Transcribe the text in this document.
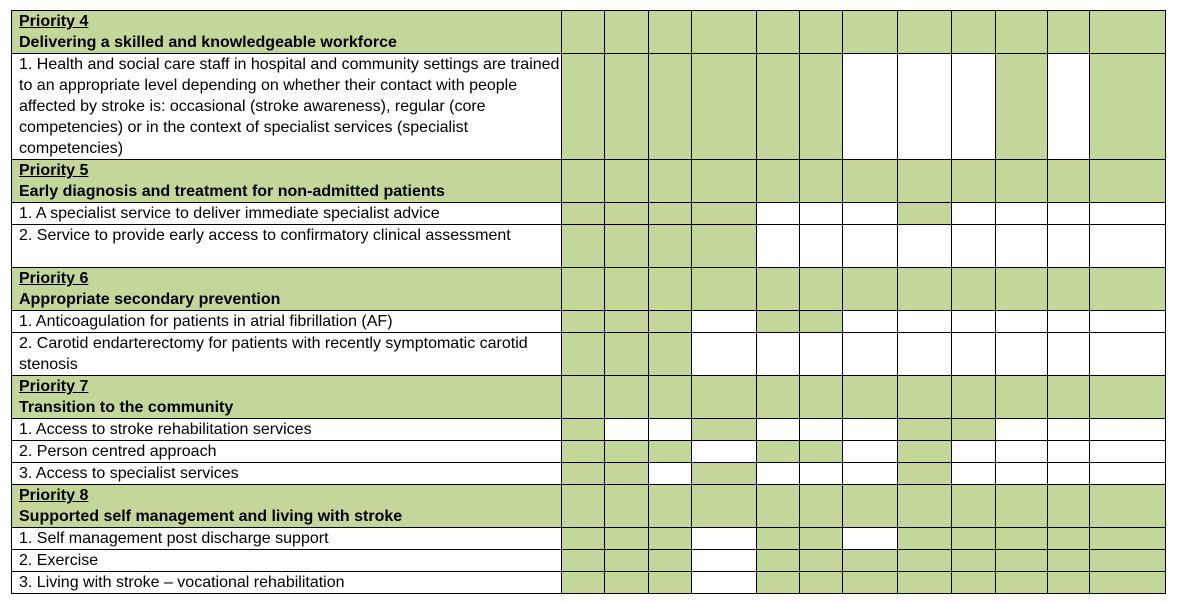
Priority 4
Delivering a skilled and knowledgeable workforce												

1. Health and social care staff in hospital and community settings are trained to an appropriate level depending on whether their contact with people affected by stroke is: occasional (stroke awareness), regular (core competencies) or in the context of specialist services (specialist competencies)												

Priority 5
Early diagnosis and treatment for non-admitted patients												

1. A specialist service to deliver immediate specialist advice												
2. Service to provide early access to confirmatory clinical assessment												

Priority 6
Appropriate secondary prevention												

1. Anticoagulation for patients in atrial fibrillation (AF)												
2. Carotid endarterectomy for patients with recently symptomatic carotid stenosis												

Priority 7
Transition to the community												

1. Access to stroke rehabilitation services												
2. Person centred approach												
3. Access to specialist services												

Priority 8
Supported self management and living with stroke												

1. Self management post discharge support												
2. Exercise												
3. Living with stroke – vocational rehabilitation												
